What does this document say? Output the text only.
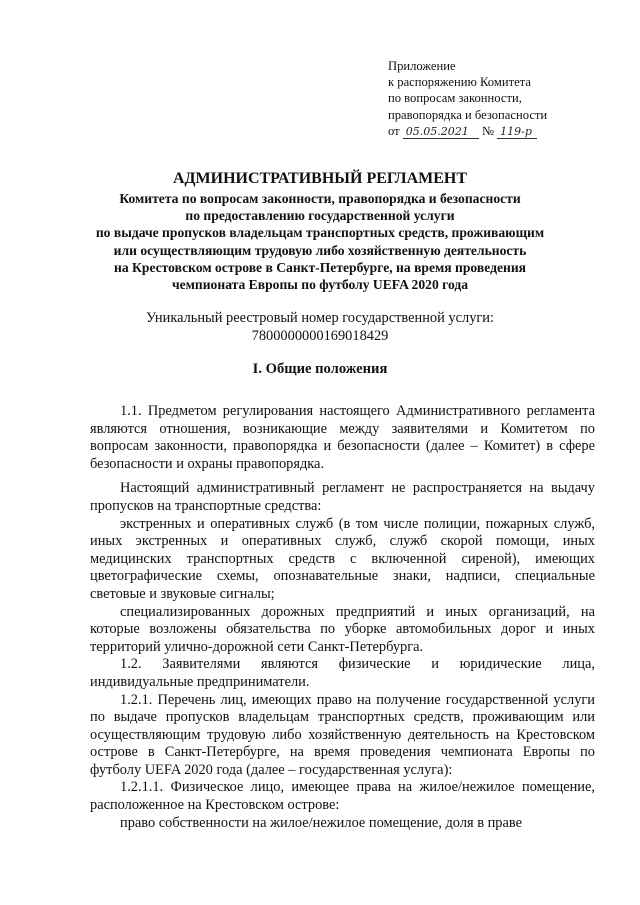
Приложение
к распоряжению Комитета
по вопросам законности,
правопорядка и безопасности
от 05.05.2021 № 119-р
АДМИНИСТРАТИВНЫЙ РЕГЛАМЕНТ
Комитета по вопросам законности, правопорядка и безопасности
по предоставлению государственной услуги
по выдаче пропусков владельцам транспортных средств, проживающим
или осуществляющим трудовую либо хозяйственную деятельность
на Крестовском острове в Санкт-Петербурге, на время проведения
чемпионата Европы по футболу UEFA 2020 года
Уникальный реестровый номер государственной услуги:
7800000000169018429
I. Общие положения

1.1. Предметом регулирования настоящего Административного регламента являются отношения, возникающие между заявителями и Комитетом по вопросам законности, правопорядка и безопасности (далее – Комитет) в сфере безопасности и охраны правопорядка.

Настоящий административный регламент не распространяется на выдачу пропусков на транспортные средства:

экстренных и оперативных служб (в том числе полиции, пожарных служб, иных экстренных и оперативных служб, служб скорой помощи, иных медицинских транспортных средств с включенной сиреной), имеющих цветографические схемы, опознавательные знаки, надписи, специальные световые и звуковые сигналы;

специализированных дорожных предприятий и иных организаций, на которые возложены обязательства по уборке автомобильных дорог и иных территорий улично-дорожной сети Санкт-Петербурга.

1.2. Заявителями являются физические и юридические лица, индивидуальные предприниматели.

1.2.1. Перечень лиц, имеющих право на получение государственной услуги по выдаче пропусков владельцам транспортных средств, проживающим или осуществляющим трудовую либо хозяйственную деятельность на Крестовском острове в Санкт-Петербурге, на время проведения чемпионата Европы по футболу UEFA 2020 года (далее – государственная услуга):

1.2.1.1. Физическое лицо, имеющее права на жилое/нежилое помещение, расположенное на Крестовском острове:

право собственности на жилое/нежилое помещение, доля в праве
